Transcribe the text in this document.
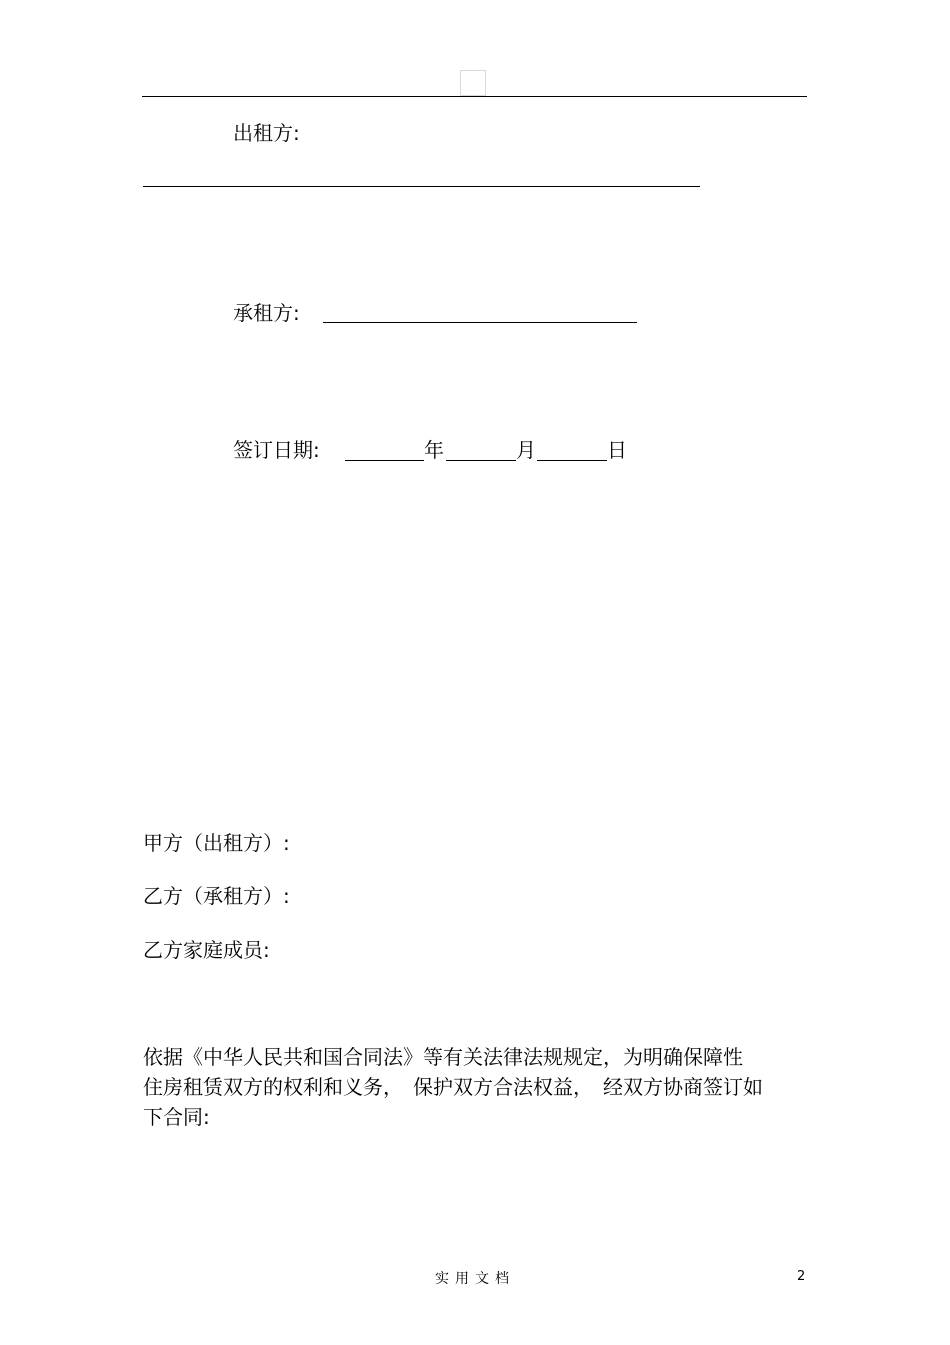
出租方:
承租方:
签订日期:	年	月	日
甲方（出租方）:
乙方（承租方）:
乙方家庭成员:
依据《中华人民共和国合同法》等有关法律法规规定，为明确保障性
住房租赁双方的权利和义务，　保护双方合法权益，　经双方协商签订如
下合同:
实用文档	2
